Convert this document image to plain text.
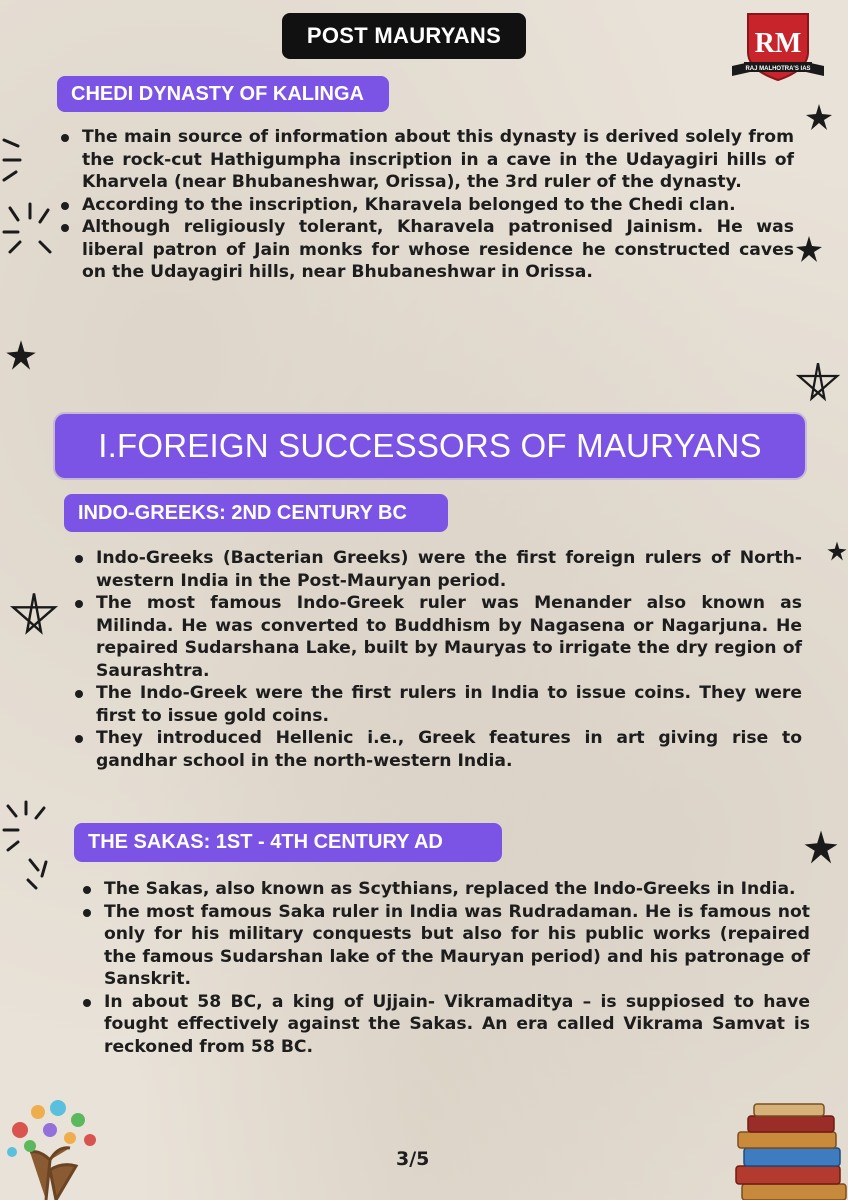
POST MAURYANS	RM
RAJ MALHOTRA'S IAS
CHEDI DYNASTY OF KALINGA
The main source of information about this dynasty is derived solely from the rock-cut Hathigumpha inscription in a cave in the Udayagiri hills of Kharvela (near Bhubaneshwar, Orissa), the 3rd ruler of the dynasty.
According to the inscription, Kharavela belonged to the Chedi clan.
Although religiously tolerant, Kharavela patronised Jainism. He was liberal patron of Jain monks for whose residence he constructed caves on the Udayagiri hills, near Bhubaneshwar in Orissa.
I.FOREIGN SUCCESSORS OF MAURYANS
INDO-GREEKS: 2ND CENTURY BC
Indo-Greeks (Bacterian Greeks) were the first foreign rulers of North-western India in the Post-Mauryan period.
The most famous Indo-Greek ruler was Menander also known as Milinda. He was converted to Buddhism by Nagasena or Nagarjuna. He repaired Sudarshana Lake, built by Mauryas to irrigate the dry region of Saurashtra.
The Indo-Greek were the first rulers in India to issue coins. They were first to issue gold coins.
They introduced Hellenic i.e., Greek features in art giving rise to gandhar school in the north-western India.
THE SAKAS: 1ST - 4TH CENTURY AD
The Sakas, also known as Scythians, replaced the Indo-Greeks in India.
The most famous Saka ruler in India was Rudradaman. He is famous not only for his military conquests but also for his public works (repaired the famous Sudarshan lake of the Mauryan period) and his patronage of Sanskrit.
In about 58 BC, a king of Ujjain- Vikramaditya – is suppiosed to have fought effectively against the Sakas. An era called Vikrama Samvat is reckoned from 58 BC.
3/5
